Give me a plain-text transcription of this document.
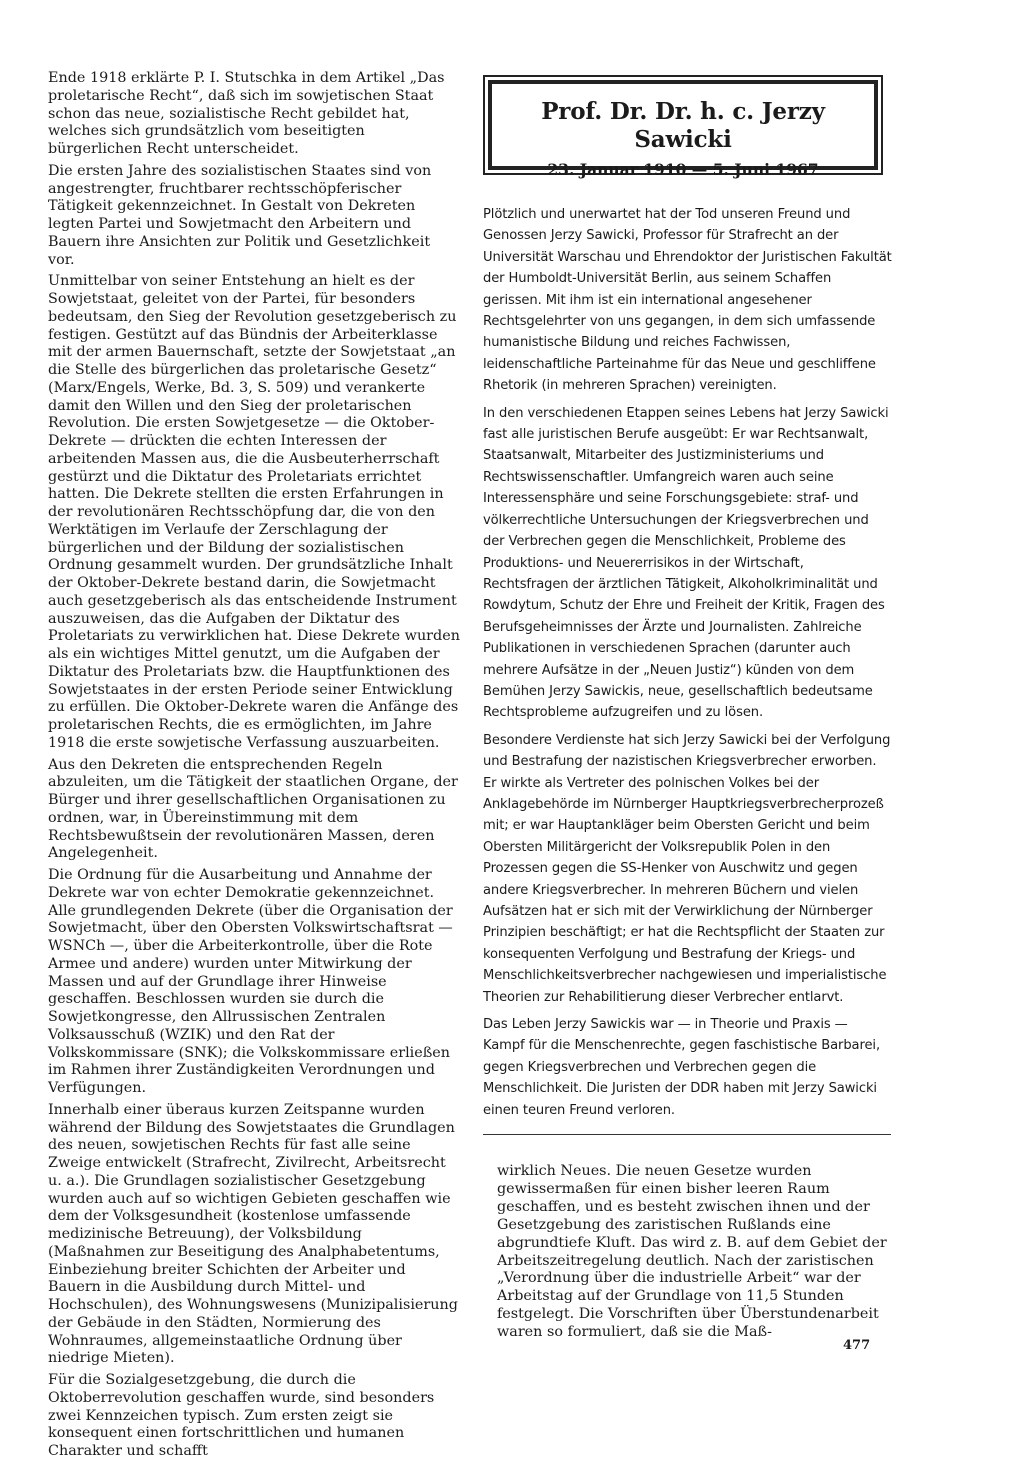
Ende 1918 erklärte P. I. Stutschka in dem Artikel „Das proletarische Recht“, daß sich im sowjetischen Staat schon das neue, sozialistische Recht gebildet hat, welches sich grundsätzlich vom beseitigten bürgerlichen Recht unterscheidet.

Die ersten Jahre des sozialistischen Staates sind von angestrengter, fruchtbarer rechtsschöpferischer Tätigkeit gekennzeichnet. In Gestalt von Dekreten legten Partei und Sowjetmacht den Arbeitern und Bauern ihre Ansichten zur Politik und Gesetzlichkeit vor.

Unmittelbar von seiner Entstehung an hielt es der Sowjetstaat, geleitet von der Partei, für besonders bedeutsam, den Sieg der Revolution gesetzgeberisch zu festigen. Gestützt auf das Bündnis der Arbeiterklasse mit der armen Bauernschaft, setzte der Sowjetstaat „an die Stelle des bürgerlichen das proletarische Gesetz“ (Marx/Engels, Werke, Bd. 3, S. 509) und verankerte damit den Willen und den Sieg der proletarischen Revolution. Die ersten Sowjetgesetze — die Oktober-Dekrete — drückten die echten Interessen der arbeitenden Massen aus, die die Ausbeuterherrschaft gestürzt und die Diktatur des Proletariats errichtet hatten. Die Dekrete stellten die ersten Erfahrungen in der revolutionären Rechtsschöpfung dar, die von den Werktätigen im Verlaufe der Zerschlagung der bürgerlichen und der Bildung der sozialistischen Ordnung gesammelt wurden. Der grundsätzliche Inhalt der Oktober-Dekrete bestand darin, die Sowjetmacht auch gesetzgeberisch als das entscheidende Instrument auszuweisen, das die Aufgaben der Diktatur des Proletariats zu verwirklichen hat. Diese Dekrete wurden als ein wichtiges Mittel genutzt, um die Aufgaben der Diktatur des Proletariats bzw. die Hauptfunktionen des Sowjetstaates in der ersten Periode seiner Entwicklung zu erfüllen. Die Oktober-Dekrete waren die Anfänge des proletarischen Rechts, die es ermöglichten, im Jahre 1918 die erste sowjetische Verfassung auszuarbeiten.

Aus den Dekreten die entsprechenden Regeln abzuleiten, um die Tätigkeit der staatlichen Organe, der Bürger und ihrer gesellschaftlichen Organisationen zu ordnen, war, in Übereinstimmung mit dem Rechtsbewußtsein der revolutionären Massen, deren Angelegenheit.

Die Ordnung für die Ausarbeitung und Annahme der Dekrete war von echter Demokratie gekennzeichnet. Alle grundlegenden Dekrete (über die Organisation der Sowjetmacht, über den Obersten Volkswirtschaftsrat — WSNCh —, über die Arbeiterkontrolle, über die Rote Armee und andere) wurden unter Mitwirkung der Massen und auf der Grundlage ihrer Hinweise geschaffen. Beschlossen wurden sie durch die Sowjetkongresse, den Allrussischen Zentralen Volksausschuß (WZIK) und den Rat der Volkskommissare (SNK); die Volkskommissare erließen im Rahmen ihrer Zuständigkeiten Verordnungen und Verfügungen.

Innerhalb einer überaus kurzen Zeitspanne wurden während der Bildung des Sowjetstaates die Grundlagen des neuen, sowjetischen Rechts für fast alle seine Zweige entwickelt (Strafrecht, Zivilrecht, Arbeitsrecht u. a.). Die Grundlagen sozialistischer Gesetzgebung wurden auch auf so wichtigen Gebieten geschaffen wie dem der Volksgesundheit (kostenlose umfassende medizinische Betreuung), der Volksbildung (Maßnahmen zur Beseitigung des Analphabetentums, Einbeziehung breiter Schichten der Arbeiter und Bauern in die Ausbildung durch Mittel- und Hochschulen), des Wohnungswesens (Munizipalisierung der Gebäude in den Städten, Normierung des Wohnraumes, allgemeinstaatliche Ordnung über niedrige Mieten).

Für die Sozialgesetzgebung, die durch die Oktoberrevolution geschaffen wurde, sind besonders zwei Kennzeichen typisch. Zum ersten zeigt sie konsequent einen fortschrittlichen und humanen Charakter und schafft

Prof. Dr. Dr. h. c. Jerzy Sawicki
23. Januar 1910 — 5. Juni 1967

Plötzlich und unerwartet hat der Tod unseren Freund und Genossen Jerzy Sawicki, Professor für Strafrecht an der Universität Warschau und Ehrendoktor der Juristischen Fakultät der Humboldt-Universität Berlin, aus seinem Schaffen gerissen. Mit ihm ist ein international angesehener Rechtsgelehrter von uns gegangen, in dem sich umfassende humanistische Bildung und reiches Fachwissen, leidenschaftliche Parteinahme für das Neue und geschliffene Rhetorik (in mehreren Sprachen) vereinigten.

In den verschiedenen Etappen seines Lebens hat Jerzy Sawicki fast alle juristischen Berufe ausgeübt: Er war Rechtsanwalt, Staatsanwalt, Mitarbeiter des Justizministeriums und Rechtswissenschaftler. Umfangreich waren auch seine Interessensphäre und seine Forschungsgebiete: straf- und völkerrechtliche Untersuchungen der Kriegsverbrechen und der Verbrechen gegen die Menschlichkeit, Probleme des Produktions- und Neuererrisikos in der Wirtschaft, Rechtsfragen der ärztlichen Tätigkeit, Alkoholkriminalität und Rowdytum, Schutz der Ehre und Freiheit der Kritik, Fragen des Berufsgeheimnisses der Ärzte und Journalisten. Zahlreiche Publikationen in verschiedenen Sprachen (darunter auch mehrere Aufsätze in der „Neuen Justiz“) künden von dem Bemühen Jerzy Sawickis, neue, gesellschaftlich bedeutsame Rechtsprobleme aufzugreifen und zu lösen.

Besondere Verdienste hat sich Jerzy Sawicki bei der Verfolgung und Bestrafung der nazistischen Kriegsverbrecher erworben. Er wirkte als Vertreter des polnischen Volkes bei der Anklagebehörde im Nürnberger Hauptkriegsverbrecherprozeß mit; er war Hauptankläger beim Obersten Gericht und beim Obersten Militärgericht der Volksrepublik Polen in den Prozessen gegen die SS-Henker von Auschwitz und gegen andere Kriegsverbrecher. In mehreren Büchern und vielen Aufsätzen hat er sich mit der Verwirklichung der Nürnberger Prinzipien beschäftigt; er hat die Rechtspflicht der Staaten zur konsequenten Verfolgung und Bestrafung der Kriegs- und Menschlichkeitsverbrecher nachgewiesen und imperialistische Theorien zur Rehabilitierung dieser Verbrecher entlarvt.

Das Leben Jerzy Sawickis war — in Theorie und Praxis — Kampf für die Menschenrechte, gegen faschistische Barbarei, gegen Kriegsverbrechen und Verbrechen gegen die Menschlichkeit. Die Juristen der DDR haben mit Jerzy Sawicki einen teuren Freund verloren.

wirklich Neues. Die neuen Gesetze wurden gewissermaßen für einen bisher leeren Raum geschaffen, und es besteht zwischen ihnen und der Gesetzgebung des zaristischen Rußlands eine abgrundtiefe Kluft. Das wird z. B. auf dem Gebiet der Arbeitszeitregelung deutlich. Nach der zaristischen „Verordnung über die industrielle Arbeit“ war der Arbeitstag auf der Grundlage von 11,5 Stunden festgelegt. Die Vorschriften über Überstundenarbeit waren so formuliert, daß sie die Maß-

477
